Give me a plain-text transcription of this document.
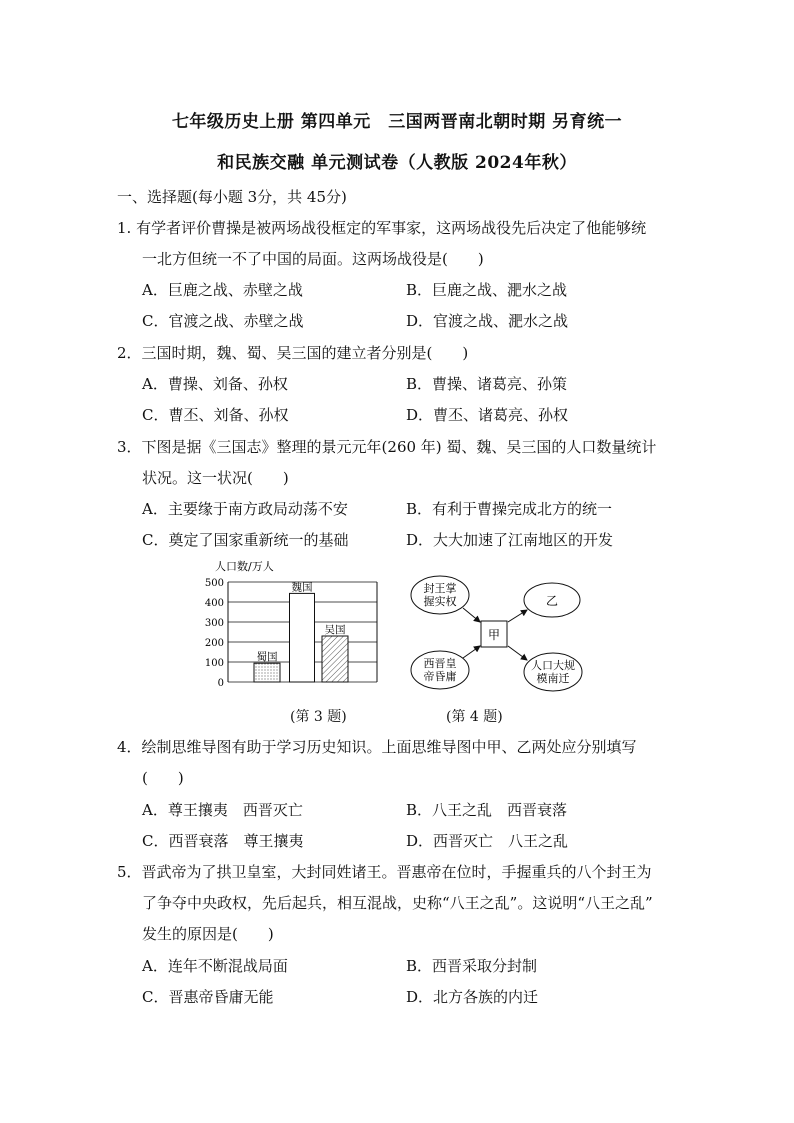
七年级历史上册 第四单元　三国两晋南北朝时期 另育统一
和民族交融 单元测试卷（人教版 2024年秋）
一、选择题(每小题 3分，共 45分)
1. 有学者评价曹操是被两场战役框定的军事家，这两场战役先后决定了他能够统
一北方但统一不了中国的局面。这两场战役是(　　)
A．巨鹿之战、赤壁之战	B．巨鹿之战、淝水之战
C．官渡之战、赤壁之战	D．官渡之战、淝水之战
2．三国时期，魏、蜀、吴三国的建立者分别是(　　)
A．曹操、刘备、孙权	B．曹操、诸葛亮、孙策
C．曹丕、刘备、孙权	D．曹丕、诸葛亮、孙权
3．下图是据《三国志》整理的景元元年(260 年) 蜀、魏、吴三国的人口数量统计
状况。这一状况(　　)
A．主要缘于南方政局动荡不安	B．有利于曹操完成北方的统一
C．奠定了国家重新统一的基础	D．大大加速了江南地区的开发
人口数/万人
500
400
300
200
100
0
蜀国
魏国
吴国
封王掌
握实权
西晋皇
帝昏庸
甲
乙
人口大规
模南迁
(第 3 题)	(第 4 题)
4．绘制思维导图有助于学习历史知识。上面思维导图中甲、乙两处应分别填写
(　　)
A．尊王攘夷　西晋灭亡	B．八王之乱　西晋衰落
C．西晋衰落　尊王攘夷	D．西晋灭亡　八王之乱
5．晋武帝为了拱卫皇室，大封同姓诸王。晋惠帝在位时，手握重兵的八个封王为
了争夺中央政权，先后起兵，相互混战，史称“八王之乱”。这说明“八王之乱”
发生的原因是(　　)
A．连年不断混战局面	B．西晋采取分封制
C．晋惠帝昏庸无能	D．北方各族的内迁
